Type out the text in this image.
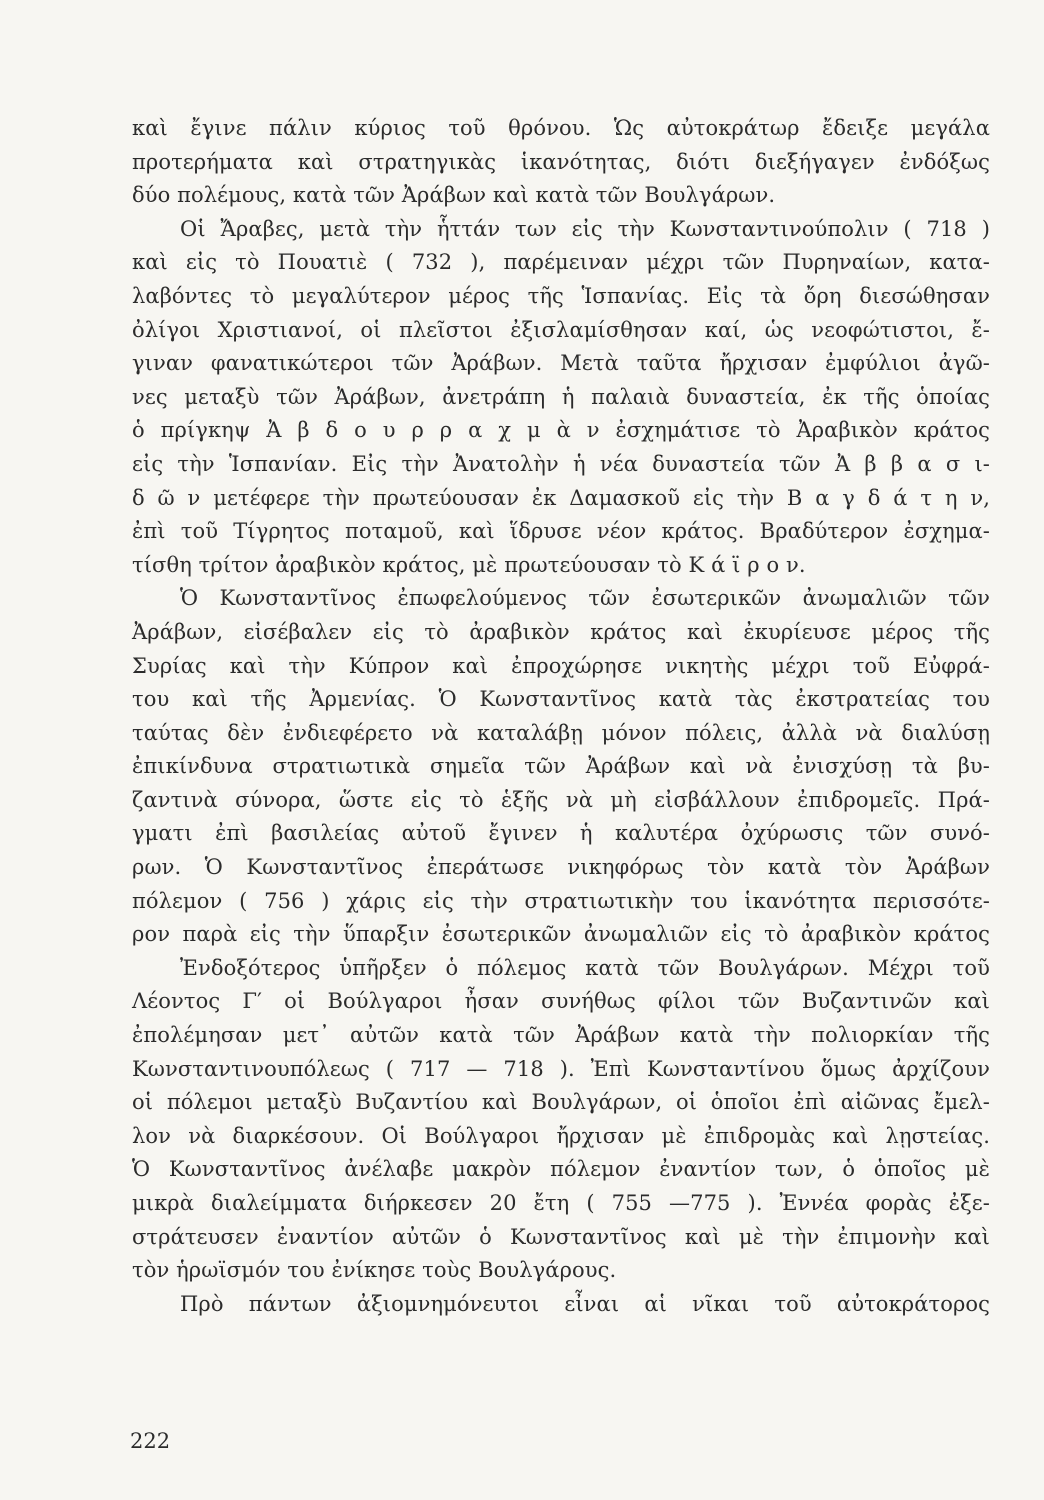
καὶ ἔγινε πάλιν κύριος τοῦ θρόνου. Ὡς αὐτοκράτωρ ἔδειξε μεγάλα
προτερήματα καὶ στρατηγικὰς ἱκανότητας, διότι διεξήγαγεν ἐνδόξως
δύο πολέμους, κατὰ τῶν Ἀράβων καὶ κατὰ τῶν Βουλγάρων.
Οἱ Ἄραβες, μετὰ τὴν ἧττάν των εἰς τὴν Κωνσταντινούπολιν ( 718 )
καὶ εἰς τὸ Πουατιὲ ( 732 ), παρέμειναν μέχρι τῶν Πυρηναίων, κατα-
λαβόντες τὸ μεγαλύτερον μέρος τῆς Ἱσπανίας. Εἰς τὰ ὄρη διεσώθησαν
ὀλίγοι Χριστιανοί, οἱ πλεῖστοι ἐξισλαμίσθησαν καί, ὡς νεοφώτιστοι, ἔ-
γιναν φανατικώτεροι τῶν Ἀράβων. Μετὰ ταῦτα ἤρχισαν ἐμφύλιοι ἀγῶ-
νες μεταξὺ τῶν Ἀράβων, ἀνετράπη ἡ παλαιὰ δυναστεία, ἐκ τῆς ὁποίας
ὁ πρίγκηψ Ἀ β δ ο υ ρ ρ α χ μ ὰ ν ἐσχημάτισε τὸ Ἀραβικὸν κράτος
εἰς τὴν Ἱσπανίαν. Εἰς τὴν Ἀνατολὴν ἡ νέα δυναστεία τῶν Ἀ β β α σ ι-
δ ῶ ν μετέφερε τὴν πρωτεύουσαν ἐκ Δαμασκοῦ εἰς τὴν Β α γ δ ά τ η ν,
ἐπὶ τοῦ Τίγρητος ποταμοῦ, καὶ ἵδρυσε νέον κράτος. Βραδύτερον ἐσχημα-
τίσθη τρίτον ἀραβικὸν κράτος, μὲ πρωτεύουσαν τὸ Κ ά ϊ ρ ο ν.
Ὁ Κωνσταντῖνος ἐπωφελούμενος τῶν ἐσωτερικῶν ἀνωμαλιῶν τῶν
Ἀράβων, εἰσέβαλεν εἰς τὸ ἀραβικὸν κράτος καὶ ἐκυρίευσε μέρος τῆς
Συρίας καὶ τὴν Κύπρον καὶ ἐπροχώρησε νικητὴς μέχρι τοῦ Εὐφρά-
του καὶ τῆς Ἀρμενίας. Ὁ Κωνσταντῖνος κατὰ τὰς ἐκστρατείας του
ταύτας δὲν ἐνδιεφέρετο νὰ καταλάβῃ μόνον πόλεις, ἀλλὰ νὰ διαλύσῃ
ἐπικίνδυνα στρατιωτικὰ σημεῖα τῶν Ἀράβων καὶ νὰ ἐνισχύσῃ τὰ βυ-
ζαντινὰ σύνορα, ὥστε εἰς τὸ ἑξῆς νὰ μὴ εἰσβάλλουν ἐπιδρομεῖς. Πρά-
γματι ἐπὶ βασιλείας αὐτοῦ ἔγινεν ἡ καλυτέρα ὀχύρωσις τῶν συνό-
ρων. Ὁ Κωνσταντῖνος ἐπεράτωσε νικηφόρως τὸν κατὰ τὸν Ἀράβων
πόλεμον ( 756 ) χάρις εἰς τὴν στρατιωτικὴν του ἱκανότητα περισσότε-
ρον παρὰ εἰς τὴν ὕπαρξιν ἐσωτερικῶν ἀνωμαλιῶν εἰς τὸ ἀραβικὸν κράτος
Ἐνδοξότερος ὑπῆρξεν ὁ πόλεμος κατὰ τῶν Βουλγάρων. Μέχρι τοῦ
Λέοντος Γ′ οἱ Βούλγαροι ἦσαν συνήθως φίλοι τῶν Βυζαντινῶν καὶ
ἐπολέμησαν μετ᾽ αὐτῶν κατὰ τῶν Ἀράβων κατὰ τὴν πολιορκίαν τῆς
Κωνσταντινουπόλεως ( 717 — 718 ). Ἐπὶ Κωνσταντίνου ὅμως ἀρχίζουν
οἱ πόλεμοι μεταξὺ Βυζαντίου καὶ Βουλγάρων, οἱ ὁποῖοι ἐπὶ αἰῶνας ἔμελ-
λον νὰ διαρκέσουν. Οἱ Βούλγαροι ἤρχισαν μὲ ἐπιδρομὰς καὶ λῃστείας.
Ὁ Κωνσταντῖνος ἀνέλαβε μακρὸν πόλεμον ἐναντίον των, ὁ ὁποῖος μὲ
μικρὰ διαλείμματα διήρκεσεν 20 ἔτη ( 755 —775 ). Ἐννέα φορὰς ἐξε-
στράτευσεν ἐναντίον αὐτῶν ὁ Κωνσταντῖνος καὶ μὲ τὴν ἐπιμονὴν καὶ
τὸν ἡρωϊσμόν του ἐνίκησε τοὺς Βουλγάρους.
Πρὸ πάντων ἀξιομνημόνευτοι εἶναι αἱ νῖκαι τοῦ αὐτοκράτορος
222
